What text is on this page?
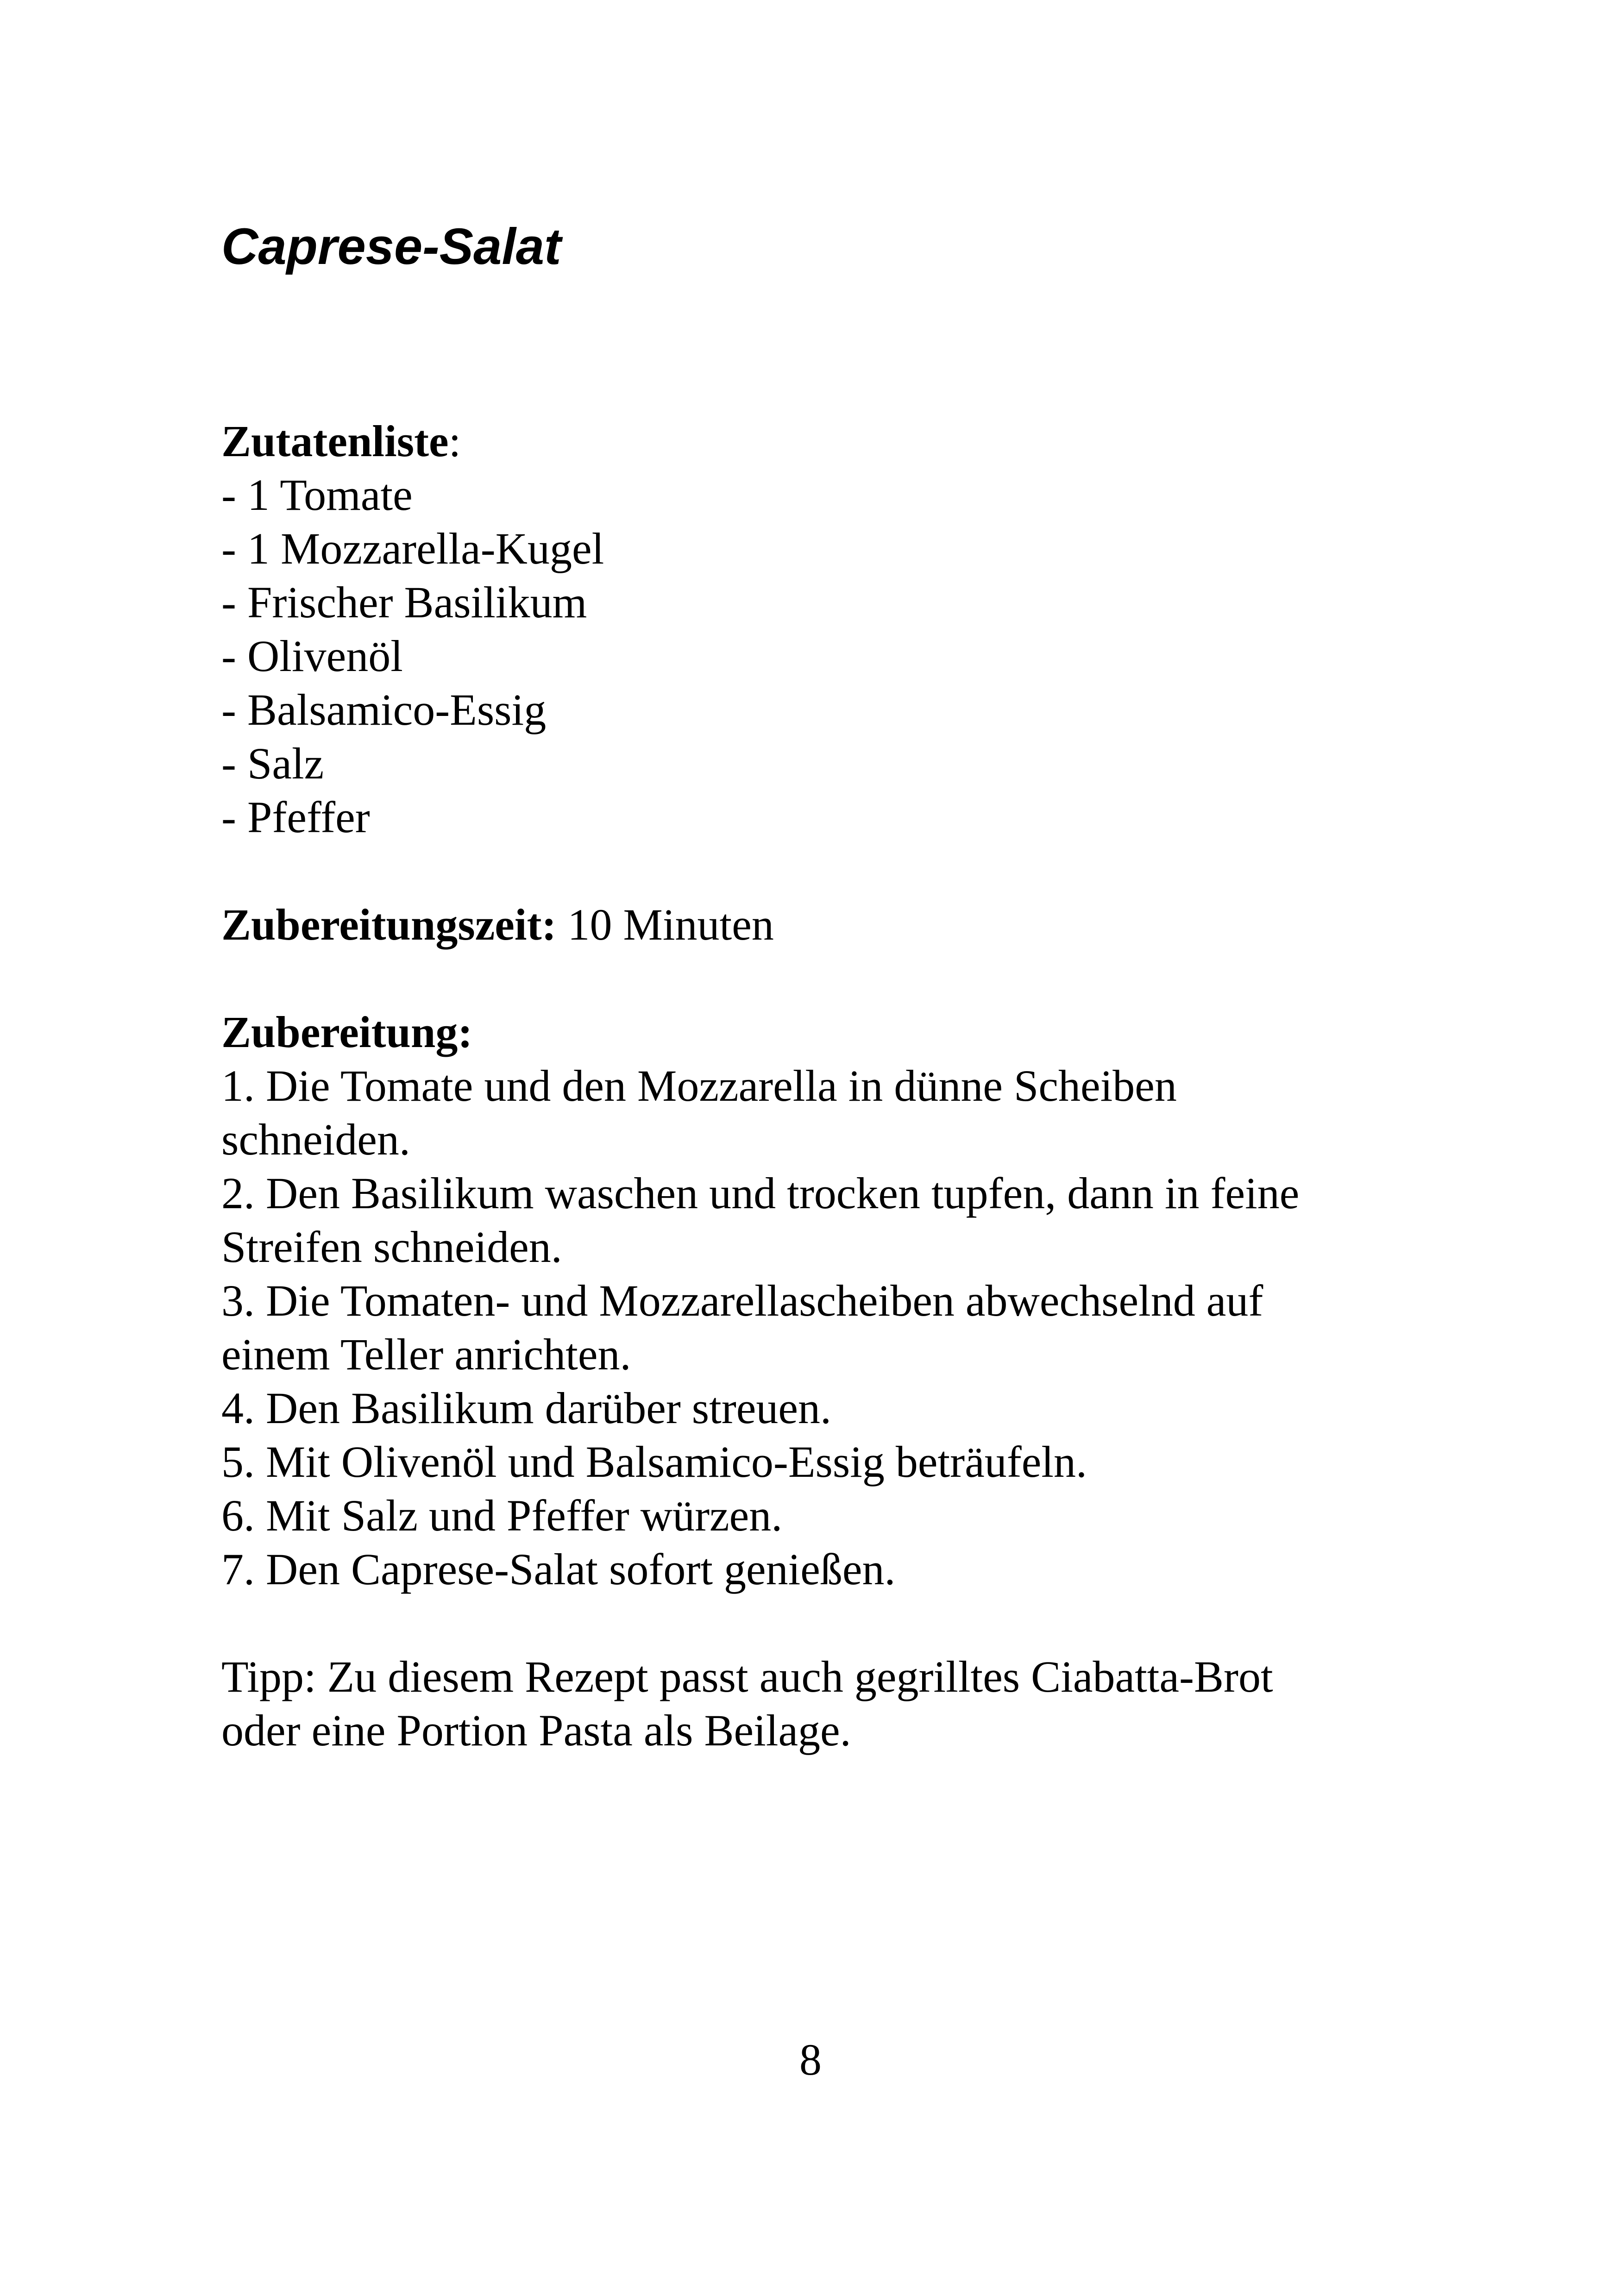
Caprese-Salat
Zutatenliste:
- 1 Tomate
- 1 Mozzarella-Kugel
- Frischer Basilikum
- Olivenöl
- Balsamico-Essig
- Salz
- Pfeffer
Zubereitungszeit: 10 Minuten
Zubereitung:
1. Die Tomate und den Mozzarella in dünne Scheiben
schneiden.
2. Den Basilikum waschen und trocken tupfen, dann in feine
Streifen schneiden.
3. Die Tomaten- und Mozzarellascheiben abwechselnd auf
einem Teller anrichten.
4. Den Basilikum darüber streuen.
5. Mit Olivenöl und Balsamico-Essig beträufeln.
6. Mit Salz und Pfeffer würzen.
7. Den Caprese-Salat sofort genießen.
Tipp: Zu diesem Rezept passt auch gegrilltes Ciabatta-Brot
oder eine Portion Pasta als Beilage.
8
